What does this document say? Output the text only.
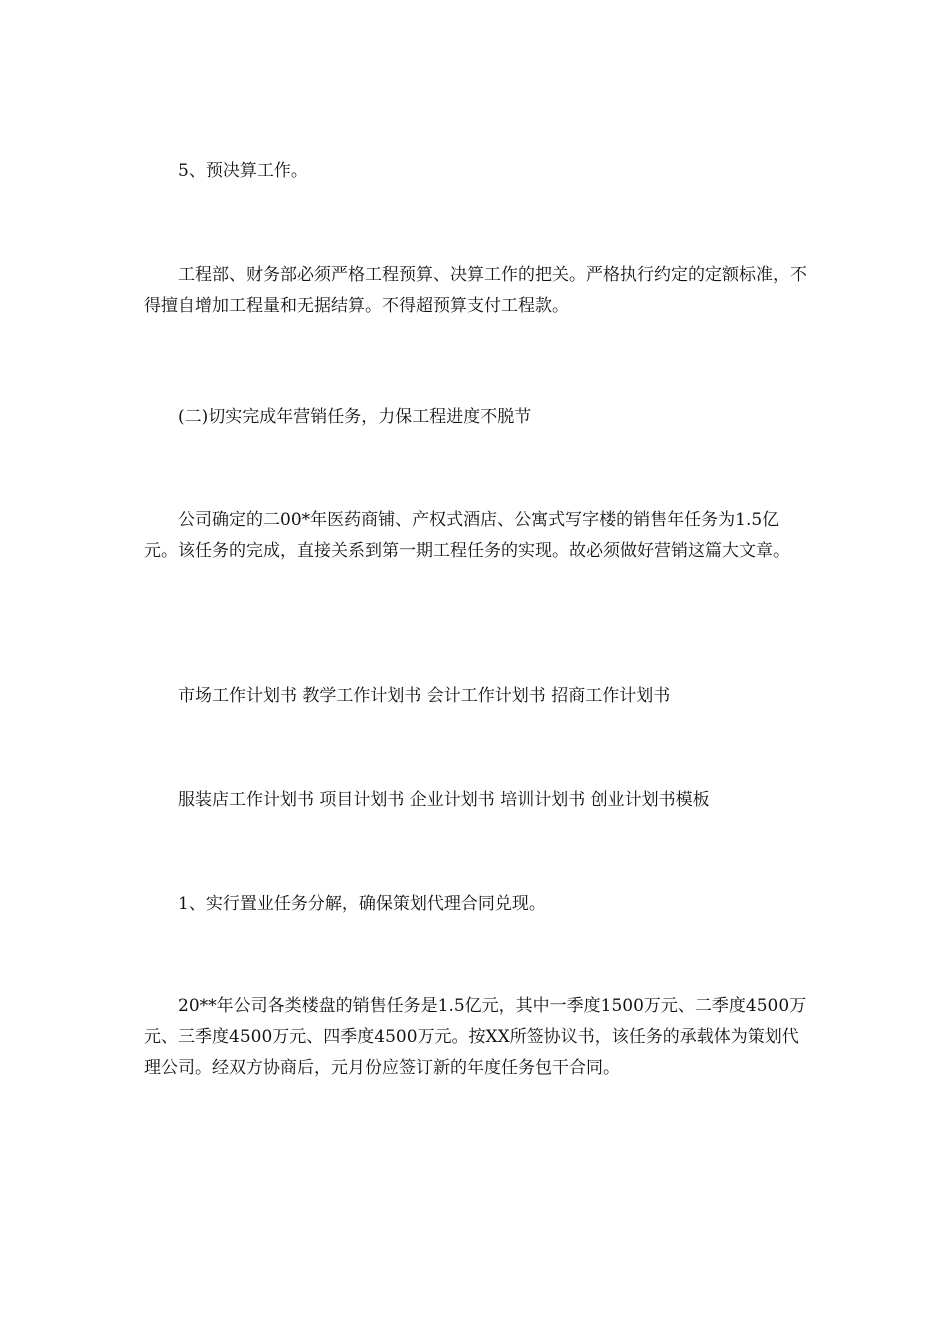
5、预决算工作。

工程部、财务部必须严格工程预算、决算工作的把关。严格执行约定的定额标准，不得擅自增加工程量和无据结算。不得超预算支付工程款。

(二)切实完成年营销任务，力保工程进度不脱节

公司确定的二00*年医药商铺、产权式酒店、公寓式写字楼的销售年任务为1.5亿元。该任务的完成，直接关系到第一期工程任务的实现。故必须做好营销这篇大文章。

市场工作计划书 教学工作计划书 会计工作计划书 招商工作计划书

服装店工作计划书 项目计划书 企业计划书 培训计划书 创业计划书模板

1、实行置业任务分解，确保策划代理合同兑现。

20**年公司各类楼盘的销售任务是1.5亿元，其中一季度1500万元、二季度4500万元、三季度4500万元、四季度4500万元。按XX所签协议书，该任务的承载体为策划代理公司。经双方协商后，元月份应签订新的年度任务包干合同。
